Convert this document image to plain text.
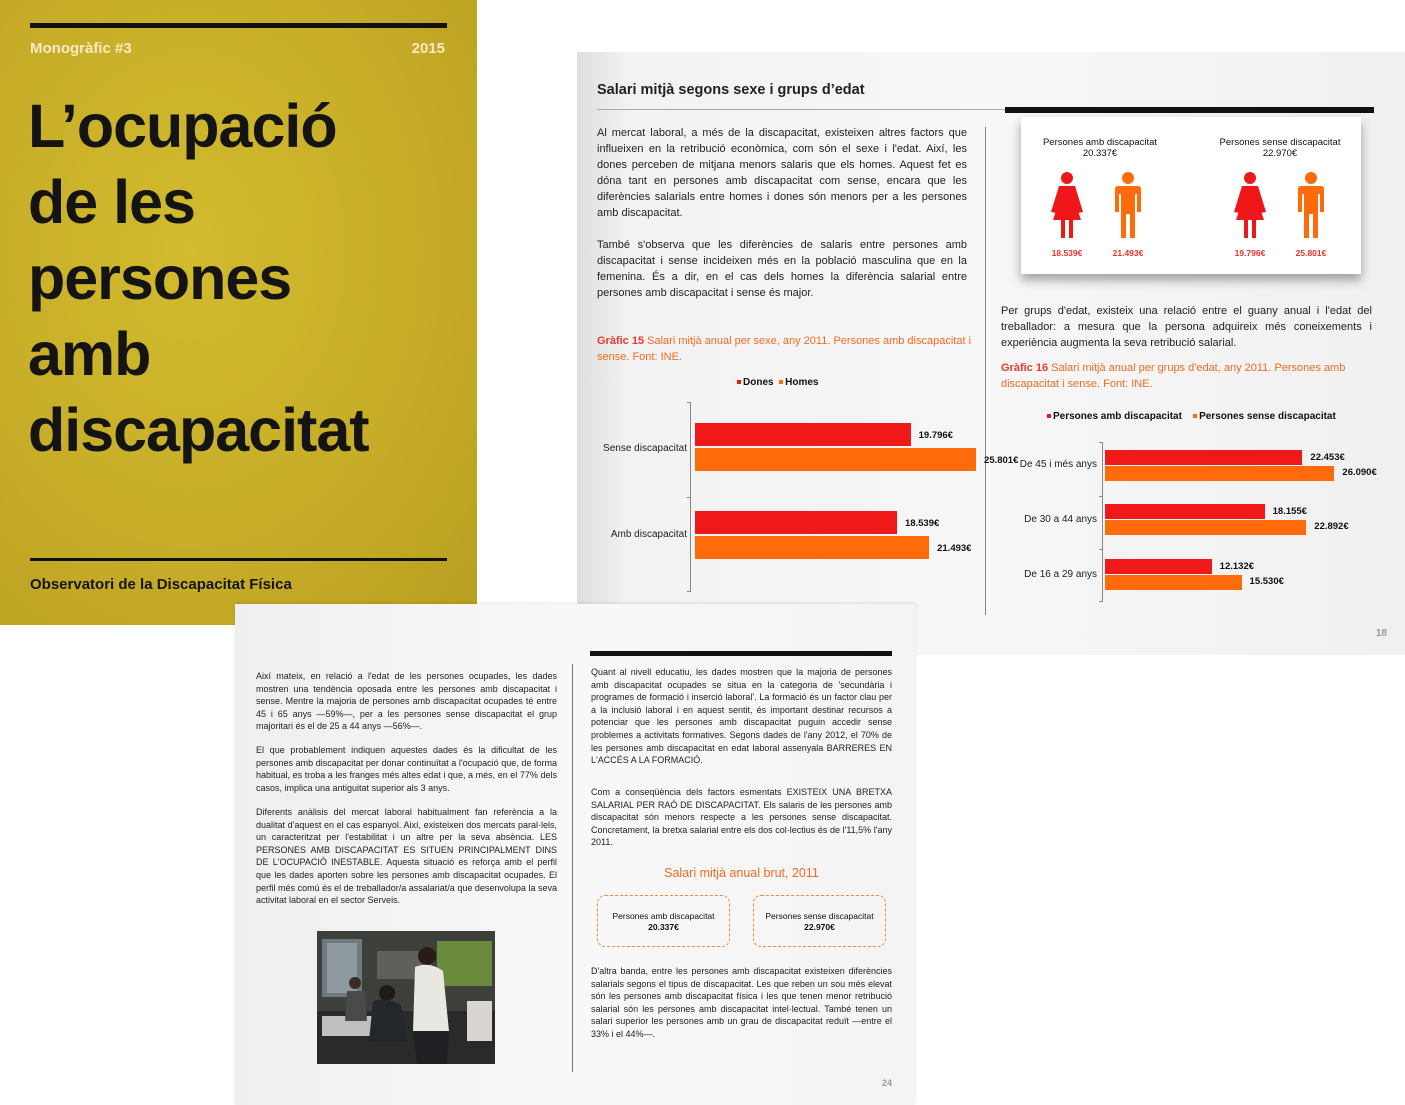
Monogràfic #3	2015
L’ocupació
de les
persones
amb
discapacitat
Observatori de la Discapacitat Física
Salari mitjà segons sexe i grups d’edat
Al mercat laboral, a més de la discapacitat, existeixen altres factors que influeixen en la retribució econòmica, com són el sexe i l'edat. Així, les dones perceben de mitjana menors salaris que els homes. Aquest fet es dóna tant en persones amb discapacitat com sense, encara que les diferències salarials entre homes i dones són menors per a les persones amb discapacitat.
També s'observa que les diferències de salaris entre persones amb discapacitat i sense incideixen més en la població masculina que en la femenina. És a dir, en el cas dels homes la diferència salarial entre persones amb discapacitat i sense és major.
Gràfic 15 Salari mitjà anual per sexe, any 2011. Persones amb discapacitat i sense. Font: INE.
Dones Homes
Sense discapacitat
Amb discapacitat
19.796€
25.801€
18.539€
21.493€
Persones amb discapacitat
20.337€
Persones sense discapacitat
22.970€
18.539€	21.493€	19.796€	25.801€
Per grups d'edat, existeix una relació entre el guany anual i l'edat del treballador: a mesura que la persona adquireix més coneixements i experiència augmenta la seva retribució salarial.
Gràfic 16 Salari mitjà anual per grups d'edat, any 2011. Persones amb discapacitat i sense. Font: INE.
Persones amb discapacitat Persones sense discapacitat
De 45 i més anys
De 30 a 44 anys
De 16 a 29 anys
22.453€
26.090€
18.155€
22.892€
12.132€
15.530€
18
Així mateix, en relació a l'edat de les persones ocupades, les dades mostren una tendència oposada entre les persones amb discapacitat i sense. Mentre la majoria de persones amb discapacitat ocupades té entre 45 i 65 anys —59%—, per a les persones sense discapacitat el grup majoritari és el de 25 a 44 anys —56%—.
El que probablement indiquen aquestes dades és la dificultat de les persones amb discapacitat per donar continuïtat a l'ocupació que, de forma habitual, es troba a les franges més altes edat i que, a més, en el 77% dels casos, implica una antiguitat superior als 3 anys.
Diferents anàlisis del mercat laboral habitualment fan referència a la dualitat d'aquest en el cas espanyol. Així, existeixen dos mercats paral·lels, un caracteritzat per l'estabilitat i un altre per la seva absència. LES PERSONES AMB DISCAPACITAT ES SITUEN PRINCIPALMENT DINS DE L'OCUPACIÓ INESTABLE. Aquesta situació es reforça amb el perfil que les dades aporten sobre les persones amb discapacitat ocupades. El perfil més comú és el de treballador/a assalariat/a que desenvolupa la seva activitat laboral en el sector Serveis.
Quant al nivell educatiu, les dades mostren que la majoria de persones amb discapacitat ocupades se situa en la categoria de 'secundària i programes de formació i inserció laboral'. La formació és un factor clau per a la inclusió laboral i en aquest sentit, és important destinar recursos a potenciar que les persones amb discapacitat puguin accedir sense problemes a activitats formatives. Segons dades de l'any 2012, el 70% de les persones amb discapacitat en edat laboral assenyala BARRERES EN L'ACCÉS A LA FORMACIÓ.
Com a conseqüència dels factors esmentats EXISTEIX UNA BRETXA SALARIAL PER RAÓ DE DISCAPACITAT. Els salaris de les persones amb discapacitat són menors respecte a les persones sense discapacitat. Concretament, la bretxa salarial entre els dos col·lectius és de l'11,5% l'any 2011.
Salari mitjà anual brut, 2011
Persones amb discapacitat
20.337€
Persones sense discapacitat
22.970€
D'altra banda, entre les persones amb discapacitat existeixen diferències salarials segons el tipus de discapacitat. Les que reben un sou més elevat són les persones amb discapacitat física i les que tenen menor retribució salarial són les persones amb discapacitat intel·lectual. També tenen un salari superior les persones amb un grau de discapacitat reduït —entre el 33% i el 44%—.
24
